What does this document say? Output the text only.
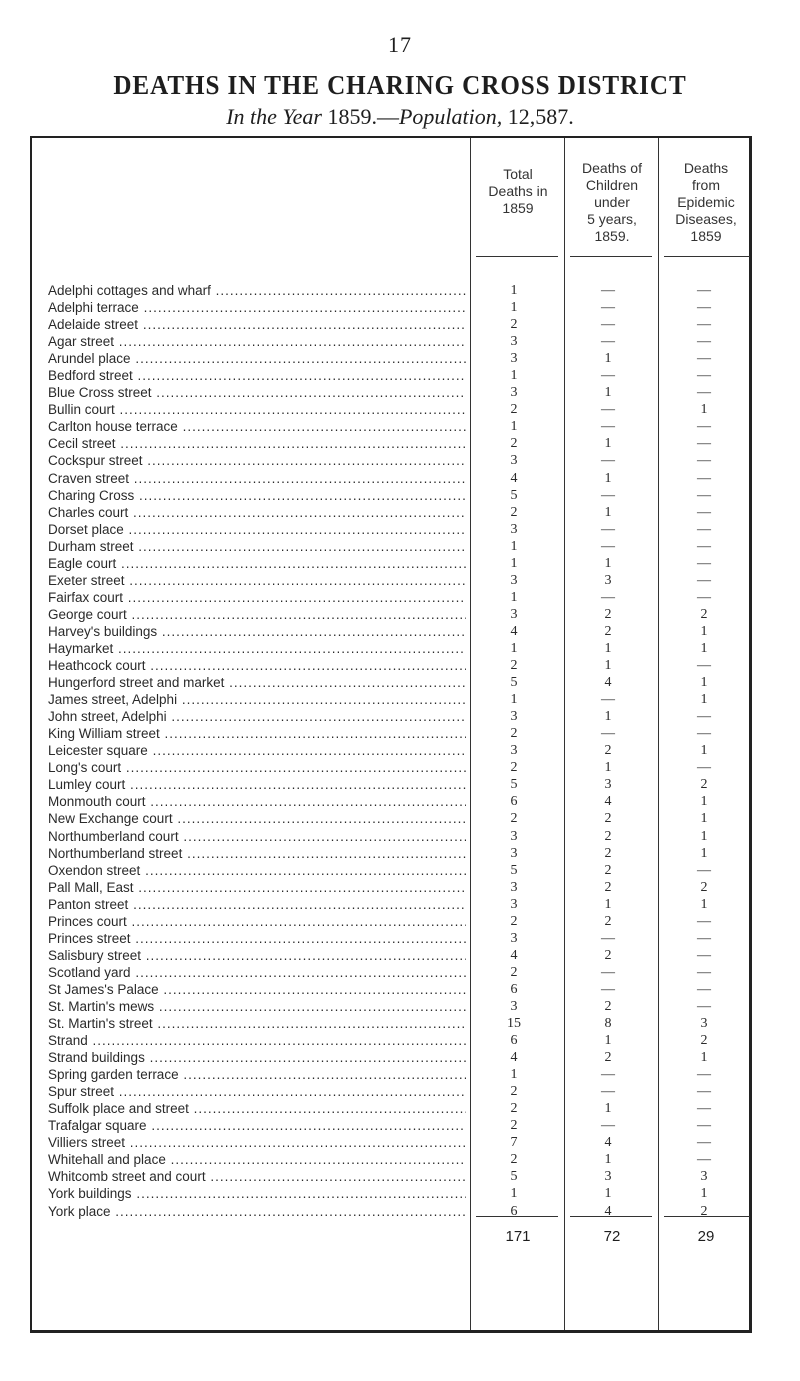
17
DEATHS IN THE CHARING CROSS DISTRICT
In the Year 1859.—Population, 12,587.
Total
Deaths in
1859
Deaths of
Children
under
5 years,
1859.
Deaths
from
Epidemic
Diseases,
1859
Adelphi cottages and wharf .....	1	—	—
Adelphi terrace .....	1	—	—
Adelaide street .....	2	—	—
Agar street .....	3	—	—
Arundel place .....	3	1	—
Bedford street .....	1	—	—
Blue Cross street .....	3	1	—
Bullin court .....	2	—	1
Carlton house terrace .....	1	—	—
Cecil street .....	2	1	—
Cockspur street .....	3	—	—
Craven street .....	4	1	—
Charing Cross .....	5	—	—
Charles court .....	2	1	—
Dorset place .....	3	—	—
Durham street .....	1	—	—
Eagle court .....	1	1	—
Exeter street .....	3	3	—
Fairfax court .....	1	—	—
George court .....	3	2	2
Harvey's buildings .....	4	2	1
Haymarket .....	1	1	1
Heathcock court .....	2	1	—
Hungerford street and market .....	5	4	1
James street, Adelphi .....	1	—	1
John street, Adelphi .....	3	1	—
King William street .....	2	—	—
Leicester square .....	3	2	1
Long's court .....	2	1	—
Lumley court .....	5	3	2
Monmouth court .....	6	4	1
New Exchange court .....	2	2	1
Northumberland court .....	3	2	1
Northumberland street .....	3	2	1
Oxendon street .....	5	2	—
Pall Mall, East .....	3	2	2
Panton street .....	3	1	1
Princes court .....	2	2	—
Princes street .....	3	—	—
Salisbury street .....	4	2	—
Scotland yard .....	2	—	—
St James's Palace .....	6	—	—
St. Martin's mews .....	3	2	—
St. Martin's street .....	15	8	3
Strand .....	6	1	2
Strand buildings .....	4	2	1
Spring garden terrace .....	1	—	—
Spur street .....	2	—	—
Suffolk place and street .....	2	1	—
Trafalgar square .....	2	—	—
Villiers street .....	7	4	—
Whitehall and place .....	2	1	—
Whitcomb street and court .....	5	3	3
York buildings .....	1	1	1
York place .....	6	4	2
171	72	29
